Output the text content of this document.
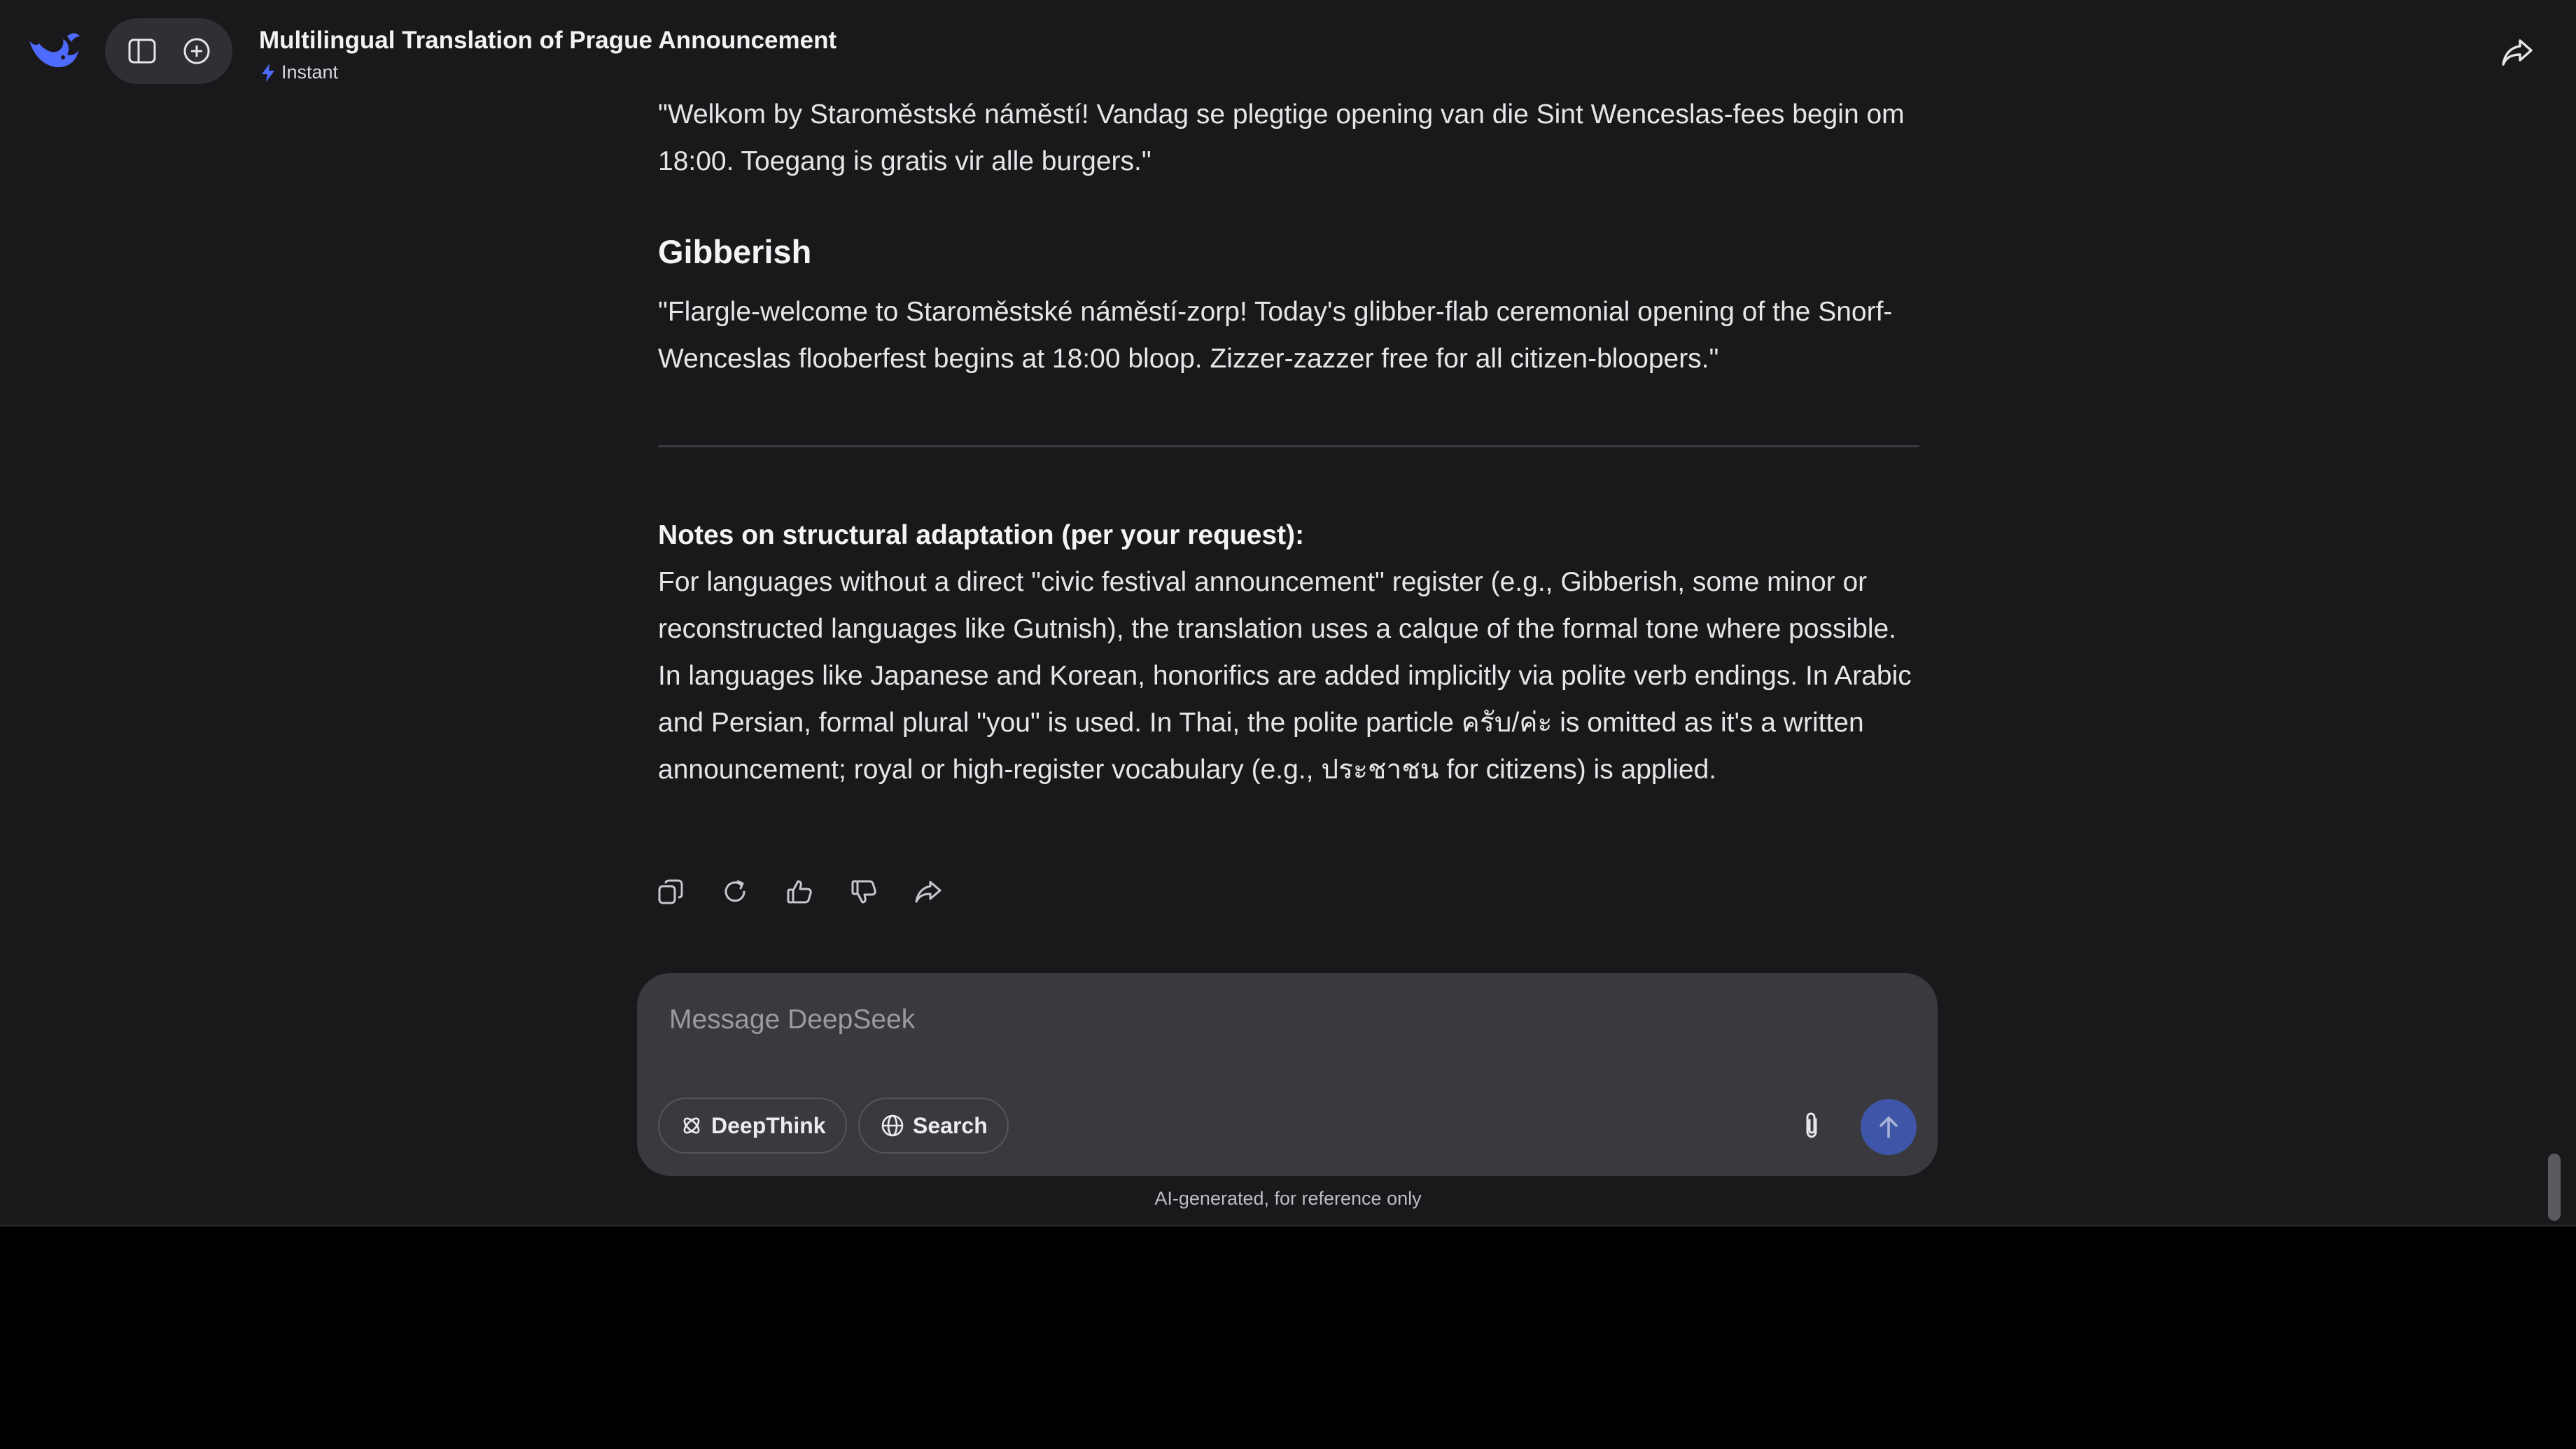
Multilingual Translation of Prague Announcement
Instant

"Welkom by Staroměstské náměstí! Vandag se plegtige opening van die Sint Wenceslas-fees begin om 18:00. Toegang is gratis vir alle burgers."

Gibberish

"Flargle-welcome to Staroměstské náměstí-zorp! Today's glibber-flab ceremonial opening of the Snorf-Wenceslas flooberfest begins at 18:00 bloop. Zizzer-zazzer free for all citizen-bloopers."

Notes on structural adaptation (per your request):

For languages without a direct "civic festival announcement" register (e.g., Gibberish, some minor or reconstructed languages like Gutnish), the translation uses a calque of the formal tone where possible. In languages like Japanese and Korean, honorifics are added implicitly via polite verb endings. In Arabic and Persian, formal plural "you" is used. In Thai, the polite particle ครับ/ค่ะ is omitted as it's a written announcement; royal or high-register vocabulary (e.g., ประชาชน for citizens) is applied.

Message DeepSeek
DeepThink	Search
AI-generated, for reference only
